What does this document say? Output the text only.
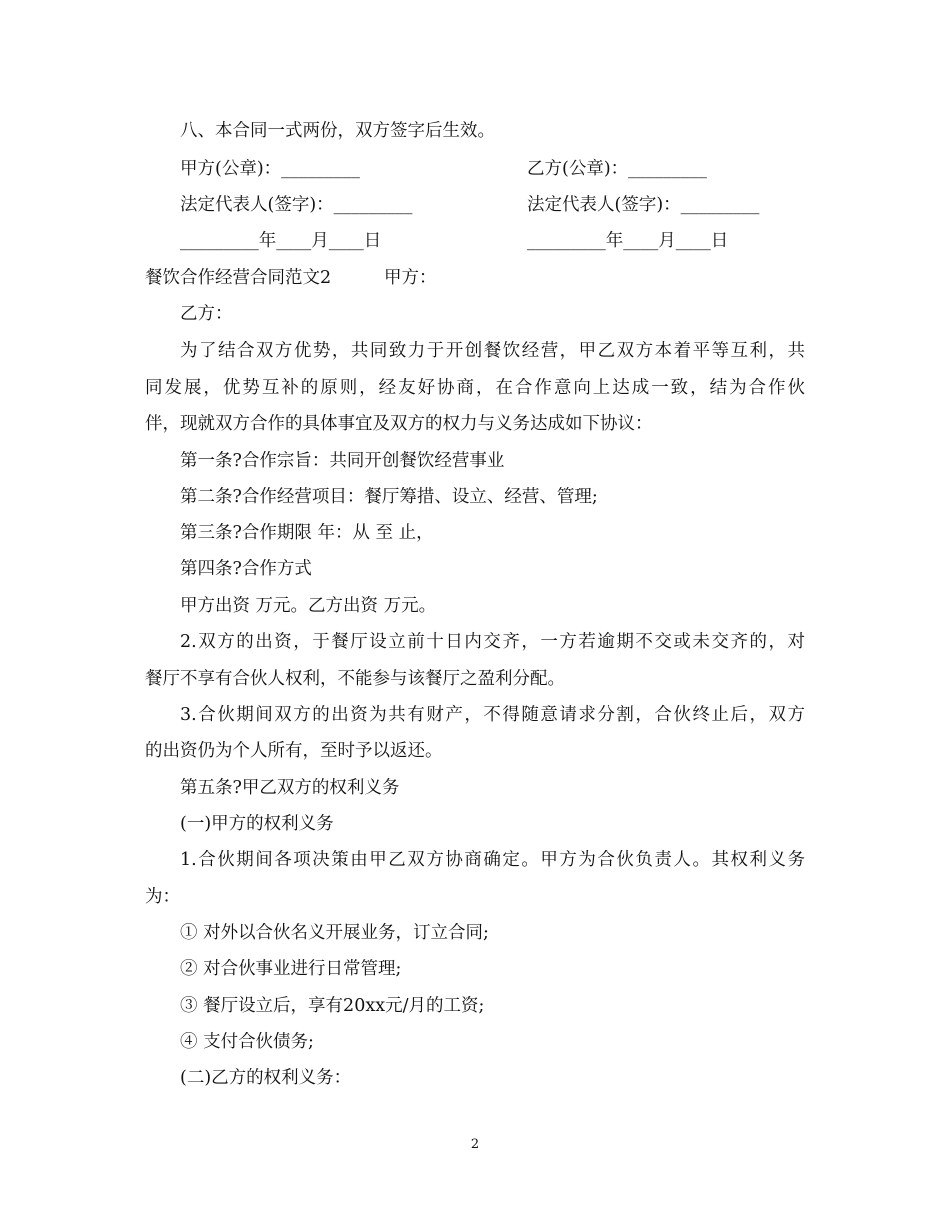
八、本合同一式两份，双方签字后生效。
甲方(公章)：_________	乙方(公章)：_________
法定代表人(签字)：_________	法定代表人(签字)：_________
_________年____月____日	_________年____月____日
餐饮合作经营合同范文2	甲方：
乙方：
为了结合双方优势，共同致力于开创餐饮经营，甲乙双方本着平等互利，共
同发展，优势互补的原则，经友好协商，在合作意向上达成一致，结为合作伙
伴，现就双方合作的具体事宜及双方的权力与义务达成如下协议：
第一条?合作宗旨：共同开创餐饮经营事业
第二条?合作经营项目：餐厅筹措、设立、经营、管理;
第三条?合作期限 年：从 至 止，
第四条?合作方式
甲方出资 万元。乙方出资 万元。
2.双方的出资，于餐厅设立前十日内交齐，一方若逾期不交或未交齐的，对
餐厅不享有合伙人权利，不能参与该餐厅之盈利分配。
3.合伙期间双方的出资为共有财产，不得随意请求分割，合伙终止后，双方
的出资仍为个人所有，至时予以返还。
第五条?甲乙双方的权利义务
(一)甲方的权利义务
1.合伙期间各项决策由甲乙双方协商确定。甲方为合伙负责人。其权利义务
为：
① 对外以合伙名义开展业务，订立合同;
② 对合伙事业进行日常管理;
③ 餐厅设立后，享有20xx元/月的工资;
④ 支付合伙债务;
(二)乙方的权利义务：
2
